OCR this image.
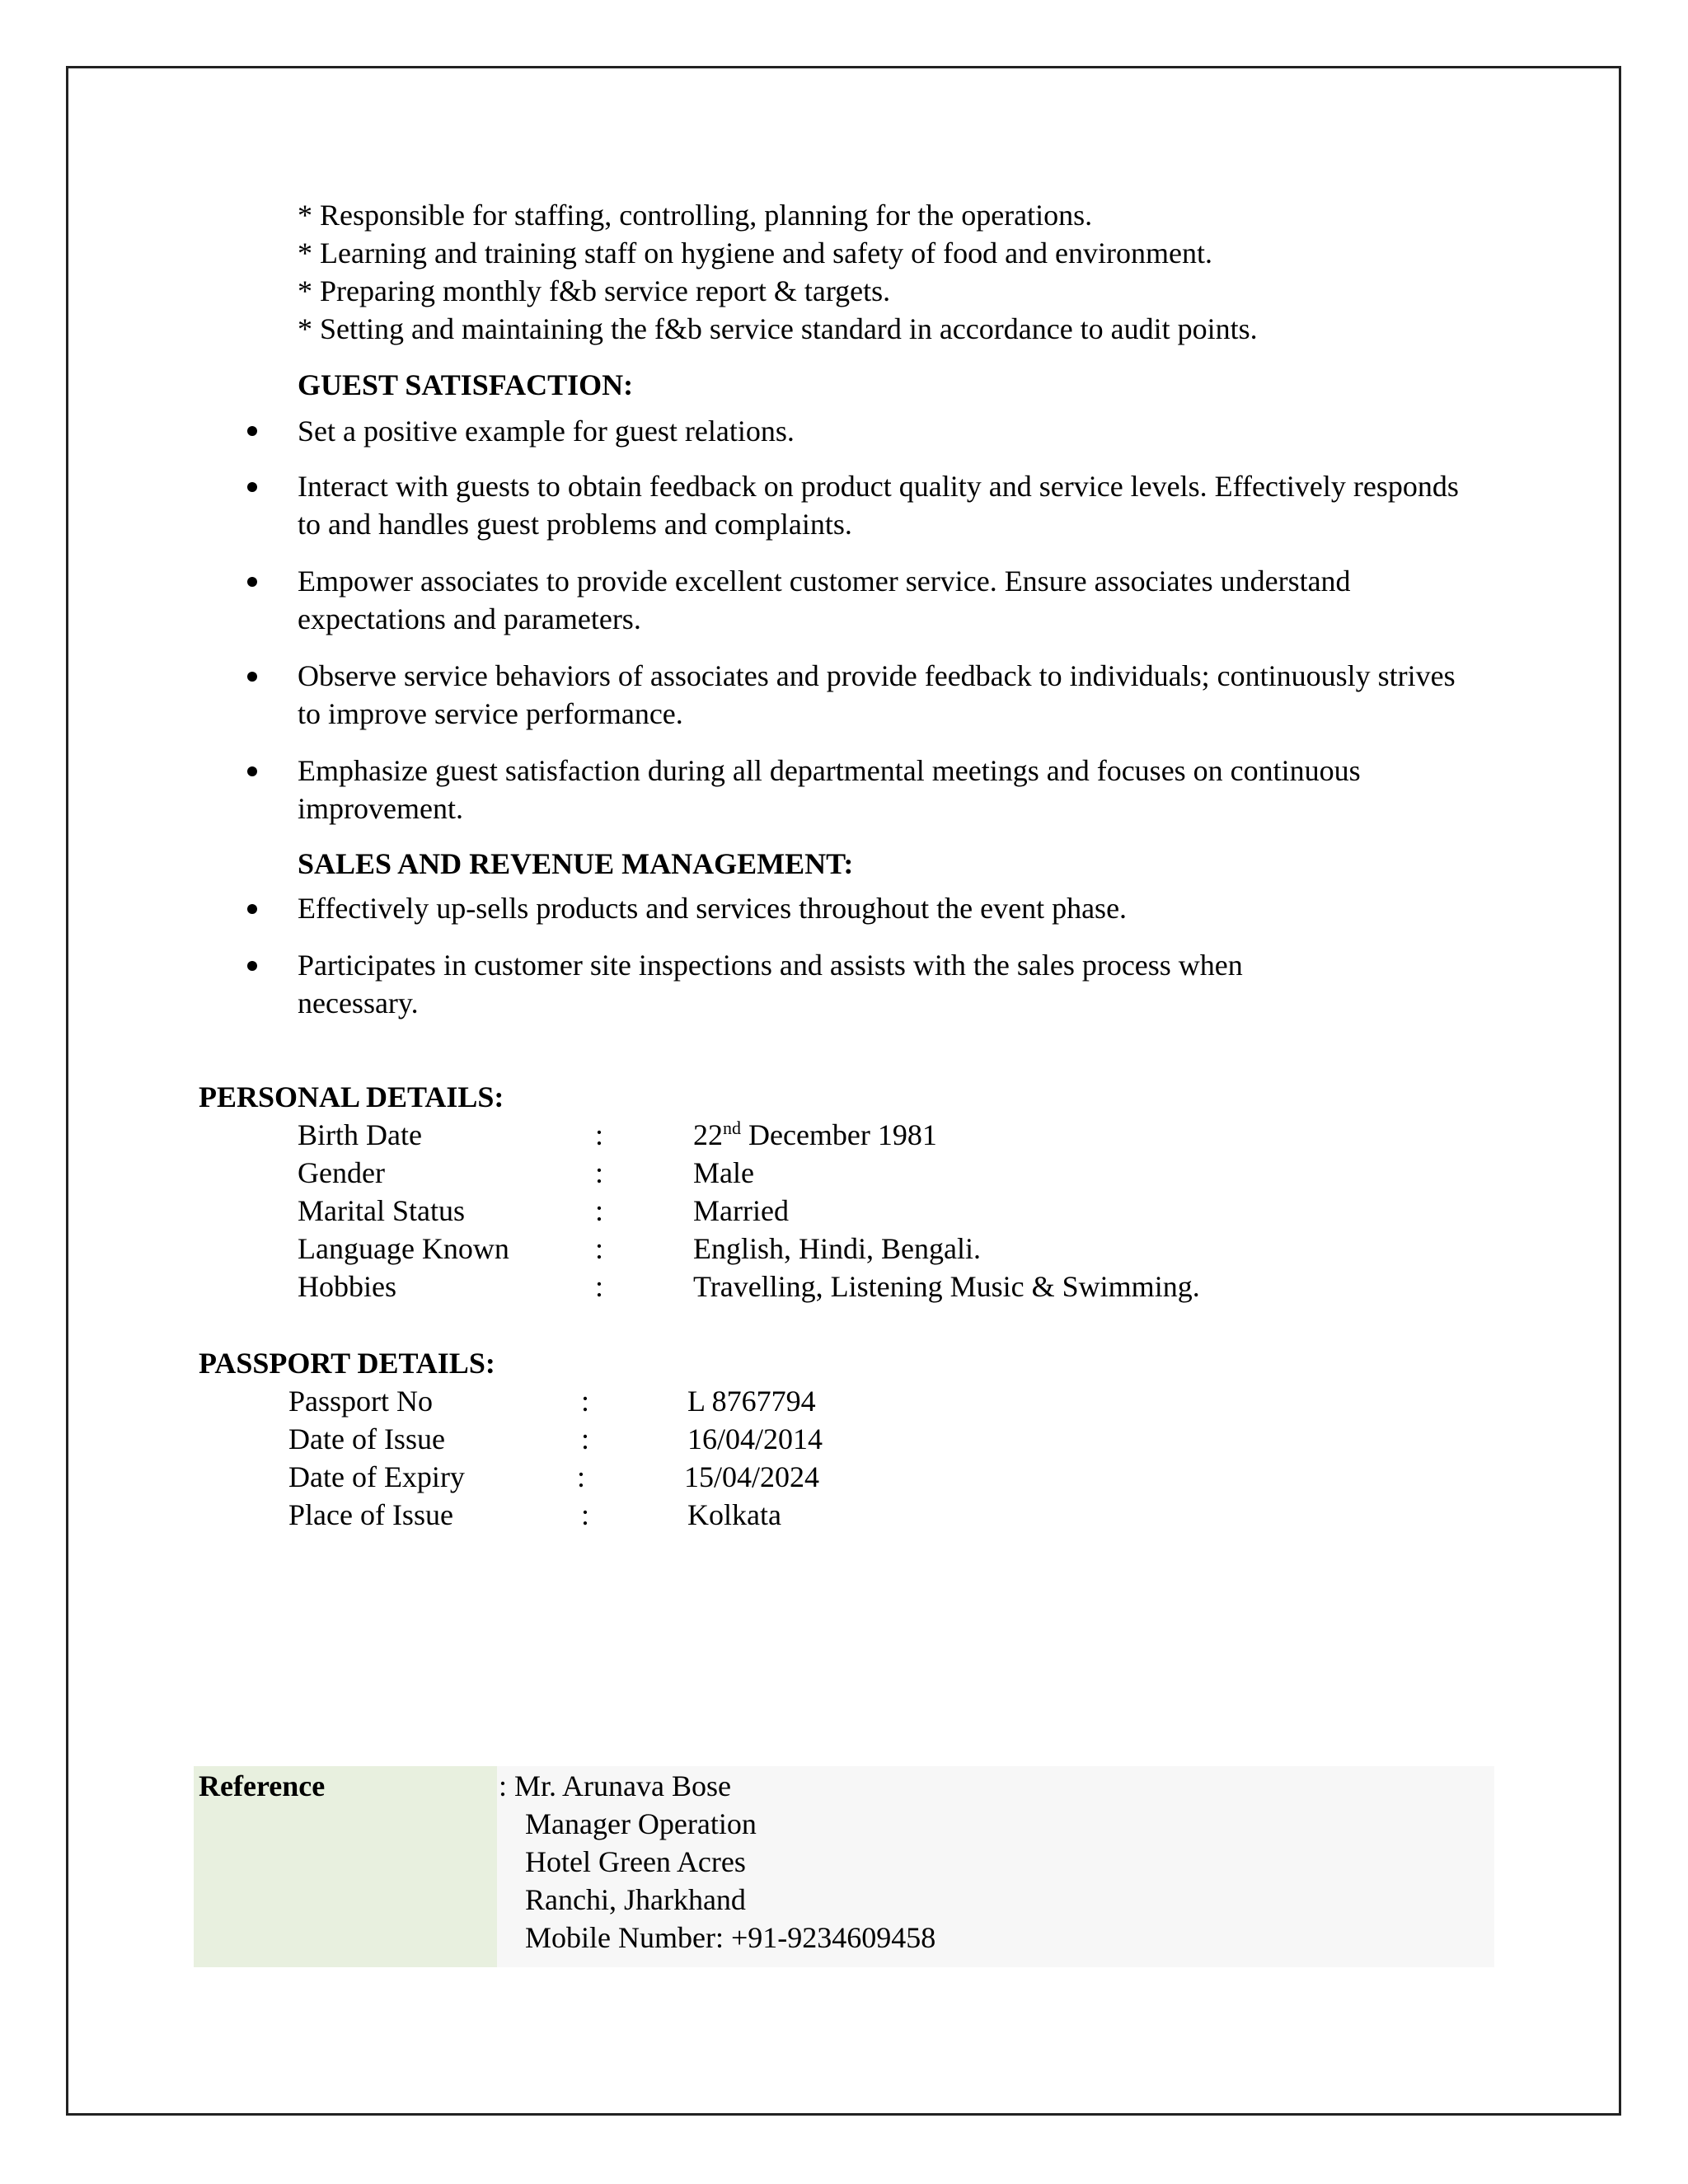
* Responsible for staffing, controlling, planning for the operations.
* Learning and training staff on hygiene and safety of food and environment.
* Preparing monthly f&b service report & targets.
* Setting and maintaining the f&b service standard in accordance to audit points.
GUEST SATISFACTION:
Set a positive example for guest relations.
Interact with guests to obtain feedback on product quality and service levels. Effectively responds to and handles guest problems and complaints.
Empower associates to provide excellent customer service. Ensure associates understand expectations and parameters.
Observe service behaviors of associates and provide feedback to individuals; continuously strives to improve service performance.
Emphasize guest satisfaction during all departmental meetings and focuses on continuous improvement.
SALES AND REVENUE MANAGEMENT:
Effectively up-sells products and services throughout the event phase.
Participates in customer site inspections and assists with the sales process when necessary.
PERSONAL DETAILS:
Birth Date	:	22nd December 1981
Gender	:	Male
Marital Status	:	Married
Language Known	:	English, Hindi, Bengali.
Hobbies	:	Travelling, Listening Music & Swimming.
PASSPORT DETAILS:
Passport No	:	L 8767794
Date of Issue	:	16/04/2014
Date of Expiry	:	15/04/2024
Place of Issue	:	Kolkata
Reference	: Mr. Arunava Bose
Manager Operation
Hotel Green Acres
Ranchi, Jharkhand
Mobile Number: +91-9234609458
